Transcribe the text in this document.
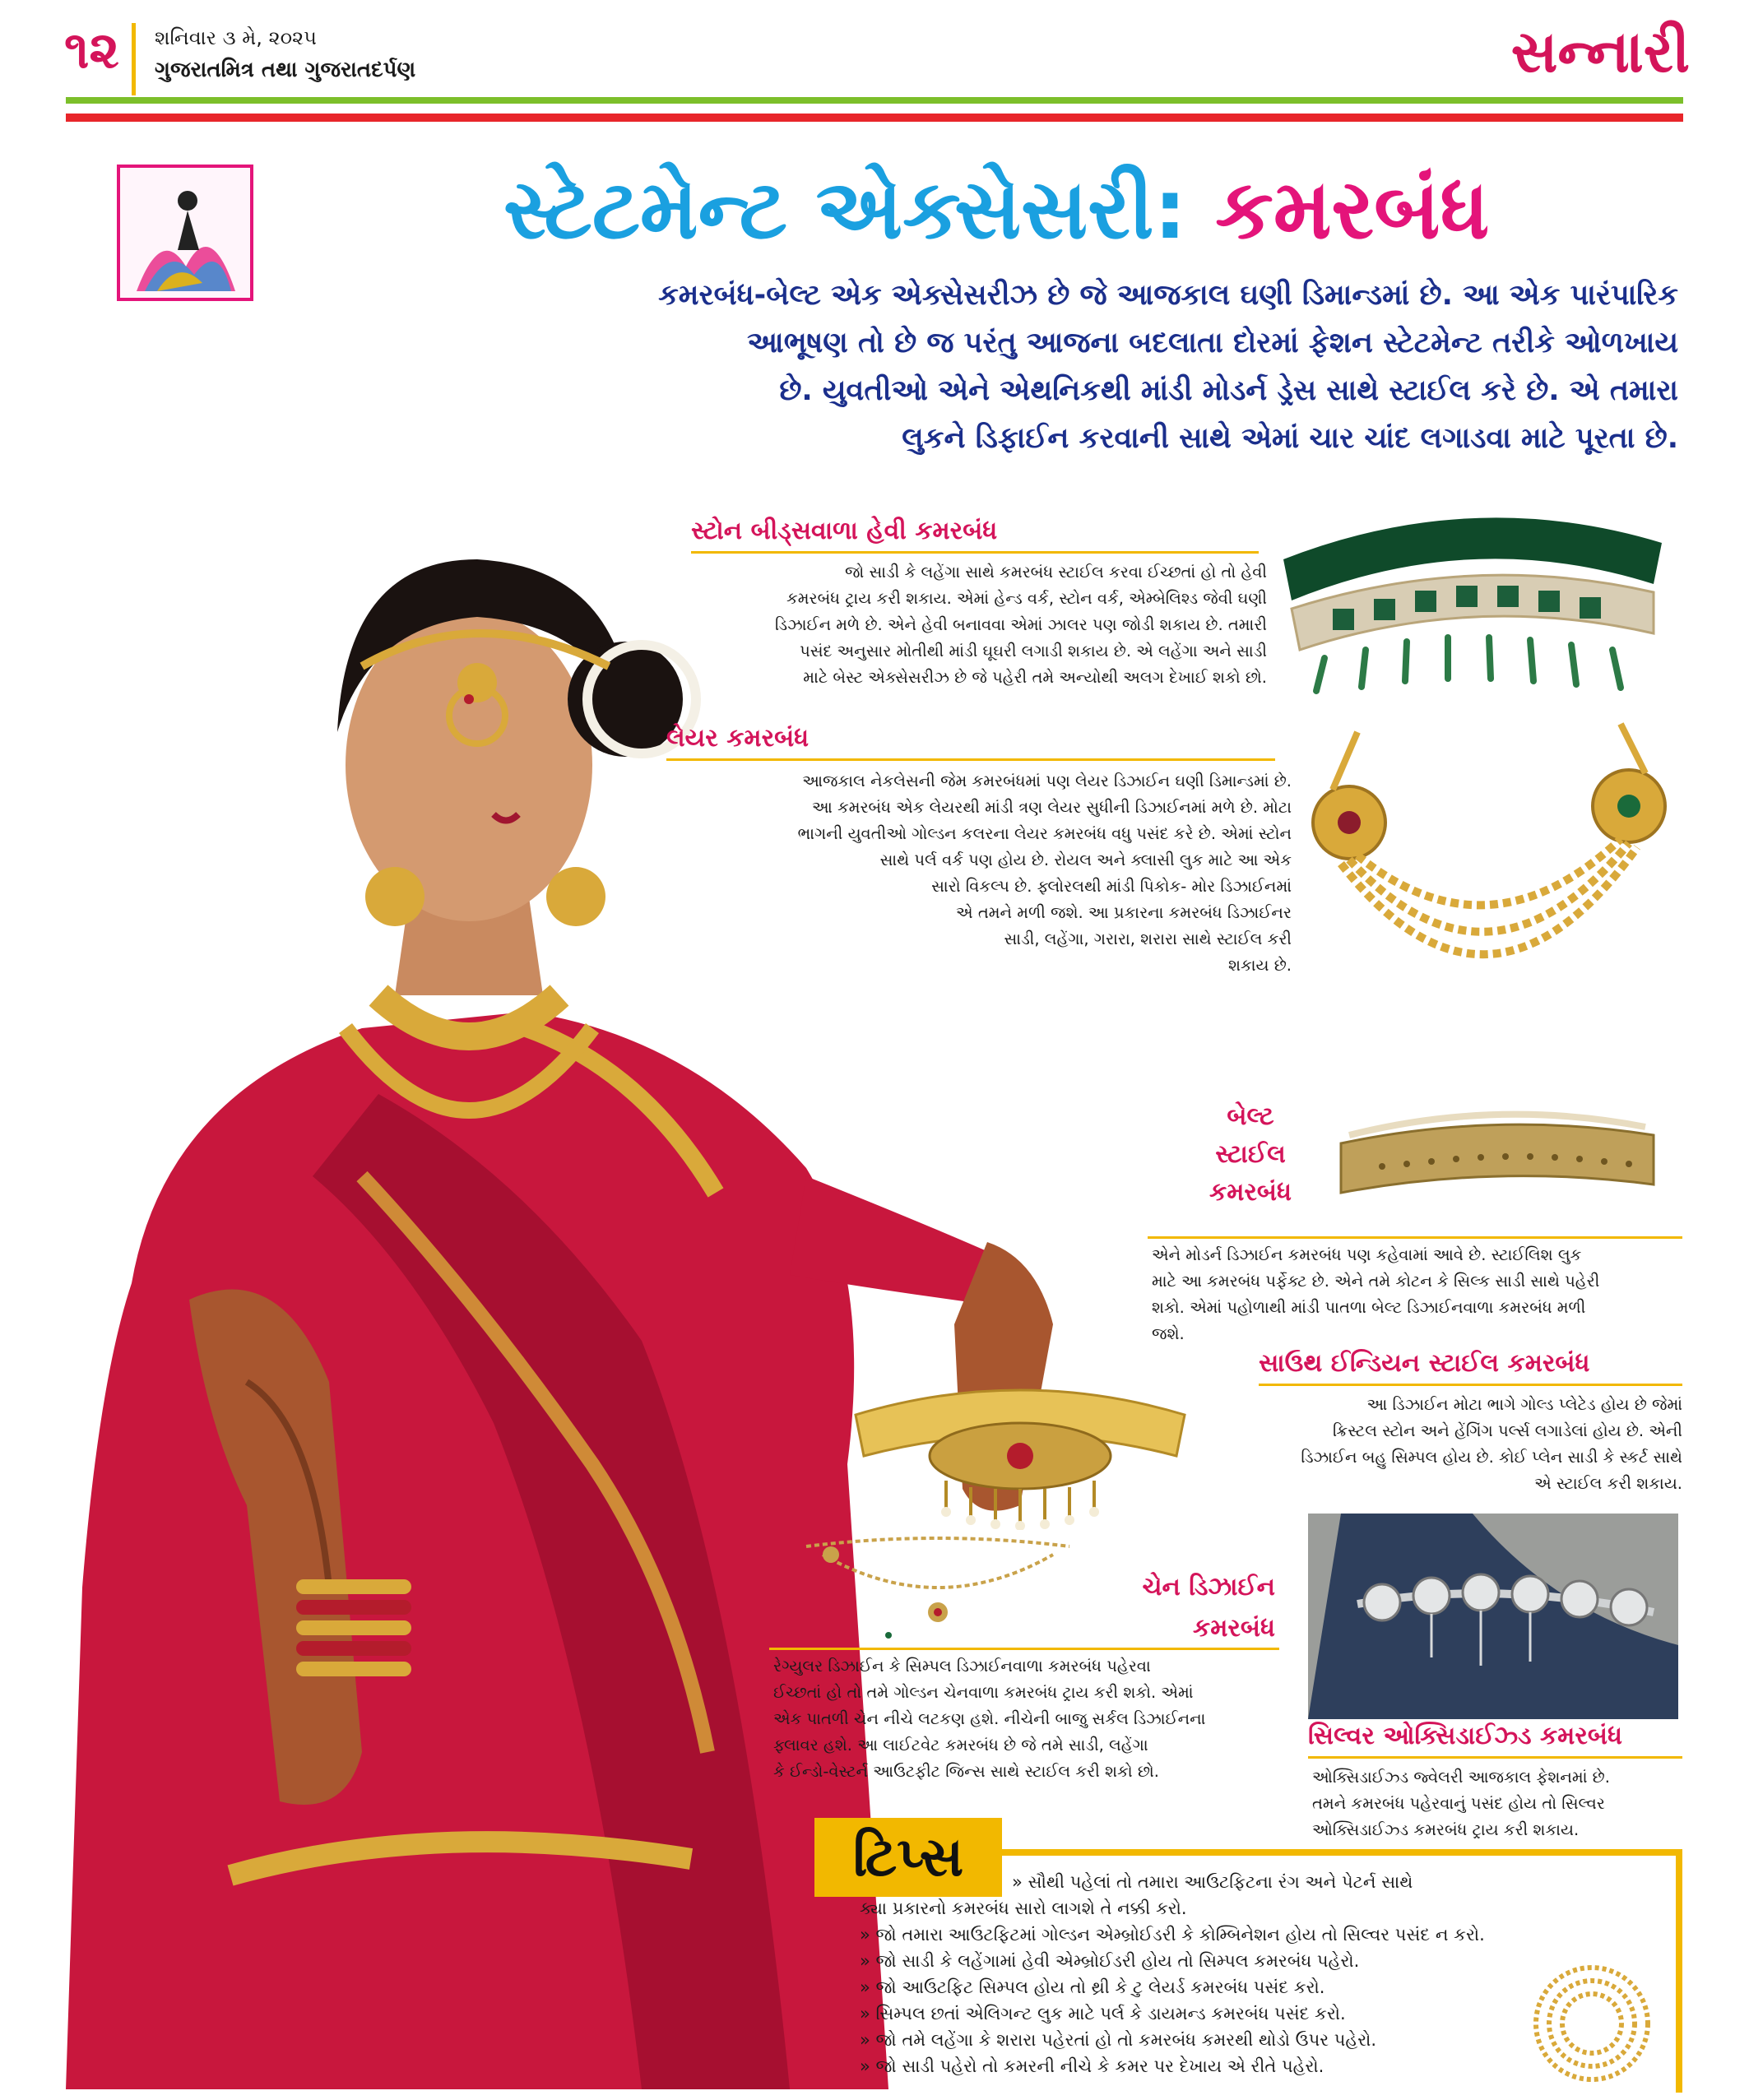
૧૨ શનિવાર ૩ મે, ૨૦૨૫
ગુજરાતમિત્ર તથા ગુજરાતદર્પણ	સન્નારી
સ્ટેટમેન્ટ એક્સેસરી: કમરબંધ
કમરબંધ-બેલ્ટ એક એક્સેસરીઝ છે જે આજકાલ ઘણી ડિમાન્ડમાં છે. આ એક પારંપારિક
આભૂષણ તો છે જ પરંતુ આજના બદલાતા દોરમાં ફેશન સ્ટેટમેન્ટ તરીકે ઓળખાય
છે. યુવતીઓ એને એથનિકથી માંડી મોડર્ન ડ્રેસ સાથે સ્ટાઈલ કરે છે. એ તમારા
લુકને ડિફાઈન કરવાની સાથે એમાં ચાર ચાંદ લગાડવા માટે પૂરતા છે.
સ્ટોન બીડ્સવાળા હેવી કમરબંધ
જો સાડી કે લહેંગા સાથે કમરબંધ સ્ટાઈલ કરવા ઈચ્છતાં હો તો હેવી
કમરબંધ ટ્રાય કરી શકાય. એમાં હેન્ડ વર્ક, સ્ટોન વર્ક, એમ્બેલિશ્ડ જેવી ઘણી
ડિઝાઈન મળે છે. એને હેવી બનાવવા એમાં ઝાલર પણ જોડી શકાય છે. તમારી
પસંદ અનુસાર મોતીથી માંડી ઘૂઘરી લગાડી શકાય છે. એ લહેંગા અને સાડી
માટે બેસ્ટ એક્સેસરીઝ છે જે પહેરી તમે અન્યોથી અલગ દેખાઈ શકો છો.
લેયર કમરબંધ
આજકાલ નેકલેસની જેમ કમરબંધમાં પણ લેયર ડિઝાઈન ઘણી ડિમાન્ડમાં છે.
આ કમરબંધ એક લેયરથી માંડી ત્રણ લેયર સુધીની ડિઝાઈનમાં મળે છે. મોટા
ભાગની યુવતીઓ ગોલ્ડન કલરના લેયર કમરબંધ વધુ પસંદ કરે છે. એમાં સ્ટોન
સાથે પર્લ વર્ક પણ હોય છે. રોયલ અને ક્લાસી લુક માટે આ એક
સારો વિકલ્પ છે. ફ્લોરલથી માંડી પિકોક- મોર ડિઝાઈનમાં
એ તમને મળી જશે. આ પ્રકારના કમરબંધ ડિઝાઈનર
સાડી, લહેંગા, ગરારા, શરારા સાથે સ્ટાઈલ કરી
શકાય છે.
બેલ્ટ
સ્ટાઈલ
કમરબંધ
એને મોડર્ન ડિઝાઈન કમરબંધ પણ કહેવામાં આવે છે. સ્ટાઈલિશ લુક
માટે આ કમરબંધ પર્ફેક્ટ છે. એને તમે કોટન કે સિલ્ક સાડી સાથે પહેરી
શકો. એમાં પહોળાથી માંડી પાતળા બેલ્ટ ડિઝાઈનવાળા કમરબંધ મળી
જશે.
સાઉથ ઈન્ડિયન સ્ટાઈલ કમરબંધ
આ ડિઝાઈન મોટા ભાગે ગોલ્ડ પ્લેટેડ હોય છે જેમાં
ક્રિસ્ટલ સ્ટોન અને હેંગિંગ પર્લ્સ લગાડેલાં હોય છે. એની
ડિઝાઈન બહુ સિમ્પલ હોય છે. કોઈ પ્લેન સાડી કે સ્કર્ટ સાથે
એ સ્ટાઈલ કરી શકાય.
ચેન ડિઝાઈન
કમરબંધ
રેગ્યુલર ડિઝાઈન કે સિમ્પલ ડિઝાઈનવાળા કમરબંધ પહેરવા
ઈચ્છતાં હો તો તમે ગોલ્ડન ચેનવાળા કમરબંધ ટ્રાય કરી શકો. એમાં
એક પાતળી ચેન નીચે લટકણ હશે. નીચેની બાજુ સર્કલ ડિઝાઈનના
ફ્લાવર હશે. આ લાઈટવેટ કમરબંધ છે જે તમે સાડી, લહેંગા
કે ઈન્ડો-વેસ્ટર્ન આઉટફીટ જિન્સ સાથે સ્ટાઈલ કરી શકો છો.
સિલ્વર ઓક્સિડાઈઝ્ડ કમરબંધ
ઓક્સિડાઈઝ્ડ જ્વેલરી આજકાલ ફેશનમાં છે.
તમને કમરબંધ પહેરવાનું પસંદ હોય તો સિલ્વર
ઓક્સિડાઈઝ્ડ કમરબંધ ટ્રાય કરી શકાય.
ટિપ્સ	» સૌથી પહેલાં તો તમારા આઉટફિટના રંગ અને પેટર્ન સાથે
ક્યા પ્રકારનો કમરબંધ સારો લાગશે તે નક્કી કરો.
» જો તમારા આઉટફિટમાં ગોલ્ડન એમ્બ્રોઈડરી કે કોમ્બિનેશન હોય તો સિલ્વર પસંદ ન કરો.
» જો સાડી કે લહેંગામાં હેવી એમ્બ્રોઈડરી હોય તો સિમ્પલ કમરબંધ પહેરો.
» જો આઉટફિટ સિમ્પલ હોય તો થ્રી કે ટુ લેયર્ડ કમરબંધ પસંદ કરો.
» સિમ્પલ છતાં એલિગન્ટ લુક માટે પર્લ કે ડાયમન્ડ કમરબંધ પસંદ કરો.
» જો તમે લહેંગા કે શરારા પહેરતાં હો તો કમરબંધ કમરથી થોડો ઉપર પહેરો.
» જો સાડી પહેરો તો કમરની નીચે કે કમર પર દેખાય એ રીતે પહેરો.
